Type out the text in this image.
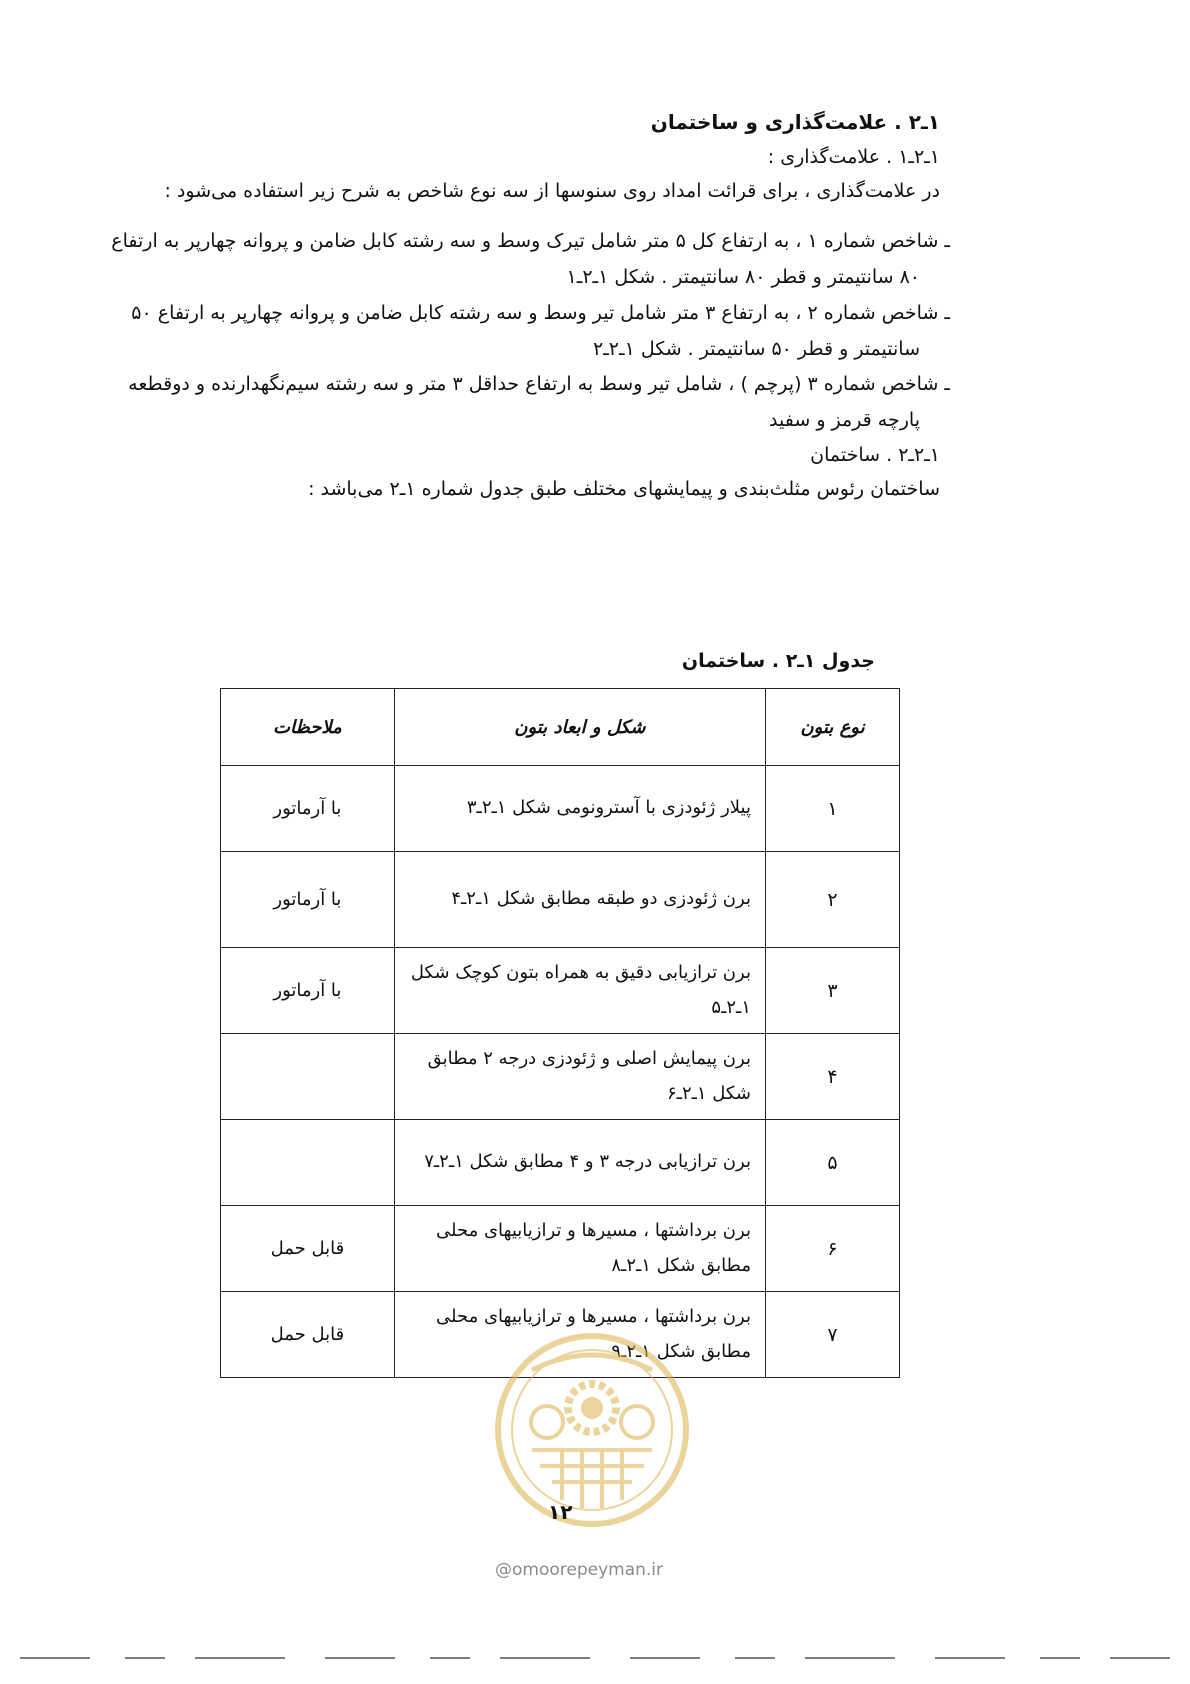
۱ـ۲ . علامت‌گذاری و ساختمان
۱ـ۲ـ۱ . علامت‌گذاری :
در علامت‌گذاری ، برای قرائت امداد روی سنوسها از سه نوع شاخص به شرح زیر استفاده می‌شود :
ـ شاخص شماره ۱ ، به ارتفاع کل ۵ متر شامل تیرک وسط و سه رشته کابل ضامن و پروانه چهارپر به ارتفاع
۸۰ سانتیمتر و قطر ۸۰ سانتیمتر . شکل ۱ـ۲ـ۱
ـ شاخص شماره ۲ ، به ارتفاع ۳ متر شامل تیر وسط و سه رشته کابل ضامن و پروانه چهارپر به ارتفاع ۵۰
سانتیمتر و قطر ۵۰ سانتیمتر . شکل ۱ـ۲ـ۲
ـ شاخص شماره ۳ (پرچم ) ، شامل تیر وسط به ارتفاع حداقل ۳ متر و سه رشته سیم‌نگهدارنده و دوقطعه
پارچه قرمز و سفید
۱ـ۲ـ۲ . ساختمان
ساختمان رئوس مثلث‌بندی و پیمایشهای مختلف طبق جدول شماره ۱ـ۲ می‌باشد :
جدول ۱ـ۲ . ساختمان
نوع بتون	شکل و ابعاد بتون	ملاحظات
۱	پیلار ژئودزی با آسترونومی شکل ۱ـ۲ـ۳	با آرماتور
۲	برن ژئودزی دو طبقه مطابق شکل ۱ـ۲ـ۴	با آرماتور
۳	برن ترازیابی دقیق به همراه بتون کوچک شکل ۱ـ۲ـ۵	با آرماتور
۴	برن پیمایش اصلی و ژئودزی درجه ۲ مطابق شکل ۱ـ۲ـ۶	
۵	برن ترازیابی درجه ۳ و ۴ مطابق شکل ۱ـ۲ـ۷	
۶	برن برداشتها ، مسیرها و ترازیابیهای محلی مطابق شکل ۱ـ۲ـ۸	قابل حمل
۷	برن برداشتها ، مسیرها و ترازیابیهای محلی مطابق شکل ۱ـ۲ـ۹	قابل حمل
۱۲
@omoorepeyman.ir
